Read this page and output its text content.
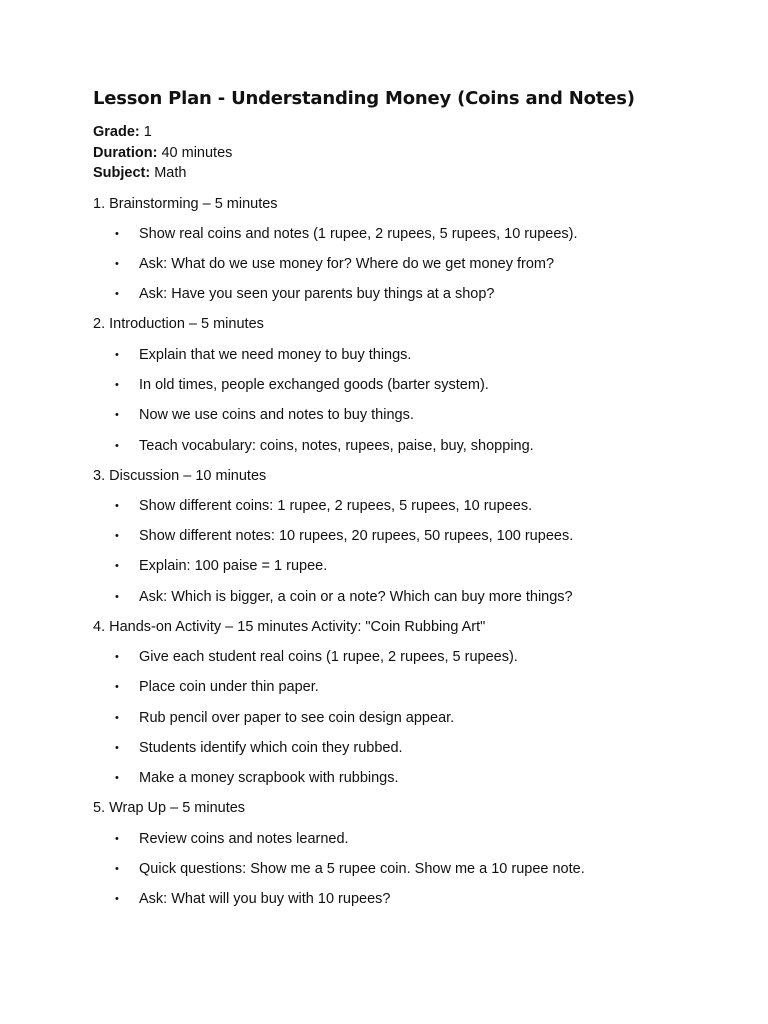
Lesson Plan - Understanding Money (Coins and Notes)

Grade: 1

Duration: 40 minutes

Subject: Math

1. Brainstorming – 5 minutes

• Show real coins and notes (1 rupee, 2 rupees, 5 rupees, 10 rupees).
• Ask: What do we use money for? Where do we get money from?
• Ask: Have you seen your parents buy things at a shop?

2. Introduction – 5 minutes

• Explain that we need money to buy things.
• In old times, people exchanged goods (barter system).
• Now we use coins and notes to buy things.
• Teach vocabulary: coins, notes, rupees, paise, buy, shopping.

3. Discussion – 10 minutes

• Show different coins: 1 rupee, 2 rupees, 5 rupees, 10 rupees.
• Show different notes: 10 rupees, 20 rupees, 50 rupees, 100 rupees.
• Explain: 100 paise = 1 rupee.
• Ask: Which is bigger, a coin or a note? Which can buy more things?

4. Hands-on Activity – 15 minutes Activity: "Coin Rubbing Art"

• Give each student real coins (1 rupee, 2 rupees, 5 rupees).
• Place coin under thin paper.
• Rub pencil over paper to see coin design appear.
• Students identify which coin they rubbed.
• Make a money scrapbook with rubbings.

5. Wrap Up – 5 minutes

• Review coins and notes learned.
• Quick questions: Show me a 5 rupee coin. Show me a 10 rupee note.
• Ask: What will you buy with 10 rupees?
